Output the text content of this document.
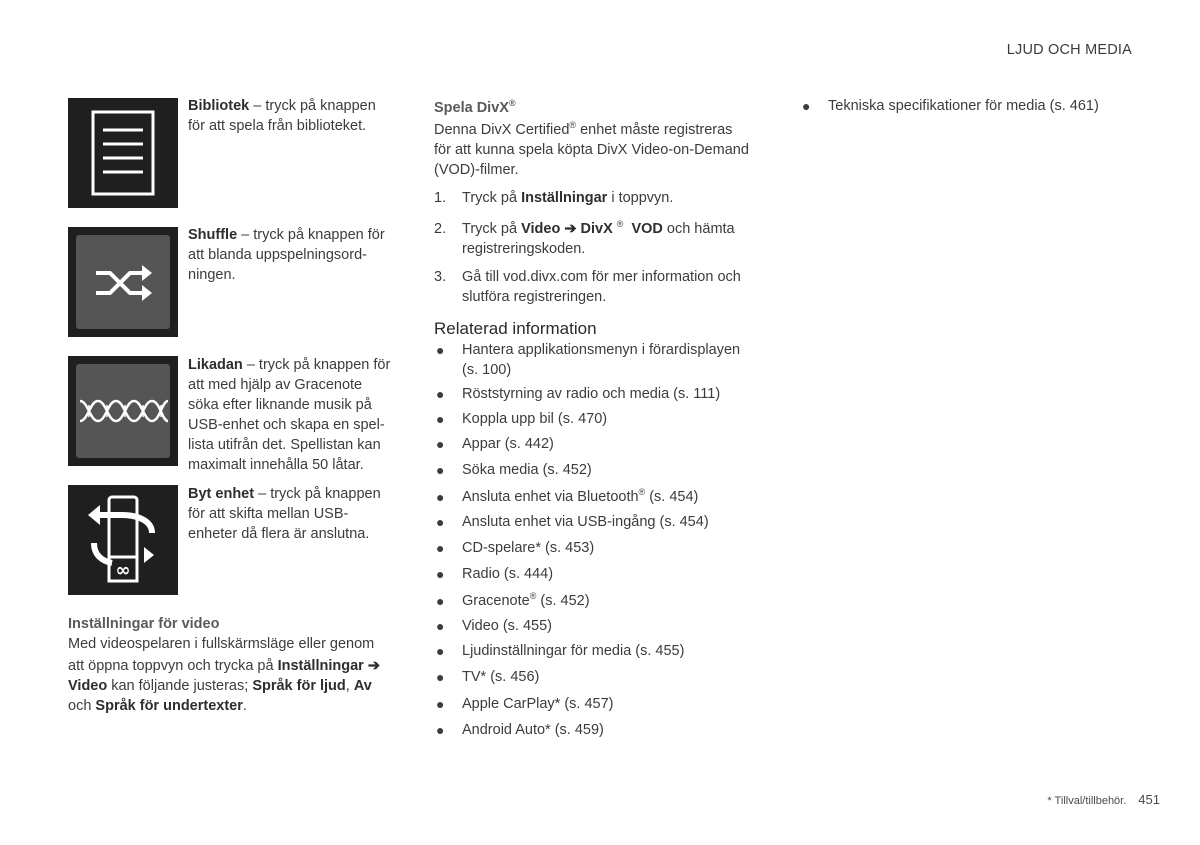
LJUD OCH MEDIA
* Tillval/tillbehör. 451
Bibliotek – tryck på knappen
för att spela från biblioteket.
Shuffle – tryck på knappen för
att blanda uppspelningsord-
ningen.
Likadan – tryck på knappen för
att med hjälp av Gracenote
söka efter liknande musik på
USB-enhet och skapa en spel-
lista utifrån det. Spellistan kan
maximalt innehålla 50 låtar.
∞
Byt enhet – tryck på knappen
för att skifta mellan USB-
enheter då flera är anslutna.
Inställningar för video
Med videospelaren i fullskärmsläge eller genom
att öppna toppvyn och trycka på Inställningar ➔
Video kan följande justeras; Språk för ljud, Av
och Språk för undertexter.
Spela DivX®
Denna DivX Certified® enhet måste registreras
för att kunna spela köpta DivX Video-on-Demand
(VOD)-filmer.
1. Tryck på Inställningar i toppvyn.
2. Tryck på Video ➔ DivX ® VOD och hämta
registreringskoden.
3. Gå till vod.divx.com för mer information och
slutföra registreringen.
Relaterad information
● Hantera applikationsmenyn i förardisplayen
(s. 100)
● Röststyrning av radio och media (s. 111)
● Koppla upp bil (s. 470)
● Appar (s. 442)
● Söka media (s. 452)
● Ansluta enhet via Bluetooth® (s. 454)
● Ansluta enhet via USB-ingång (s. 454)
● CD-spelare* (s. 453)
● Radio (s. 444)
● Gracenote® (s. 452)
● Video (s. 455)
● Ljudinställningar för media (s. 455)
● TV* (s. 456)
● Apple CarPlay* (s. 457)
● Android Auto* (s. 459)
● Tekniska specifikationer för media (s. 461)
